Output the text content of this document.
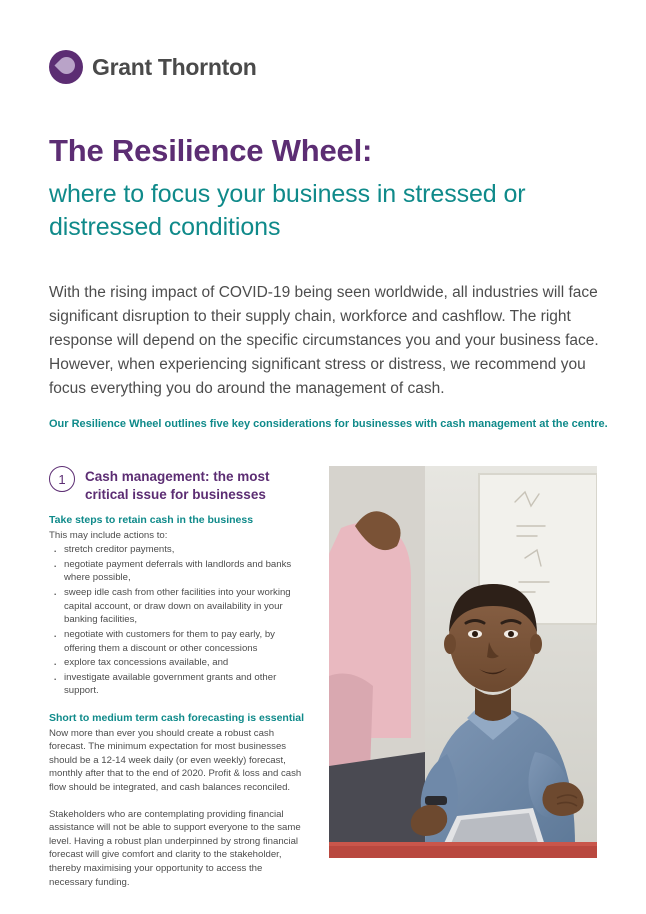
Grant Thornton
The Resilience Wheel:
where to focus your business in stressed or distressed conditions
With the rising impact of COVID-19 being seen worldwide, all industries will face significant disruption to their supply chain, workforce and cashflow. The right response will depend on the specific circumstances you and your business face. However, when experiencing significant stress or distress, we recommend you focus everything you do around the management of cash.
Our Resilience Wheel outlines five key considerations for businesses with cash management at the centre.
1	Cash management: the most critical issue for businesses

Take steps to retain cash in the business

This may include actions to:

· stretch creditor payments,
· negotiate payment deferrals with landlords and banks where possible,
· sweep idle cash from other facilities into your working capital account, or draw down on availability in your banking facilities,
· negotiate with customers for them to pay early, by offering them a discount or other concessions
· explore tax concessions available, and
· investigate available government grants and other support.

Short to medium term cash forecasting is essential

Now more than ever you should create a robust cash forecast. The minimum expectation for most businesses should be a 12-14 week daily (or even weekly) forecast, monthly after that to the end of 2020. Profit & loss and cash flow should be integrated, and cash balances reconciled.

Stakeholders who are contemplating providing financial assistance will not be able to support everyone to the same level. Having a robust plan underpinned by strong financial forecast will give comfort and clarity to the stakeholder, thereby maximising your opportunity to access the necessary funding.
